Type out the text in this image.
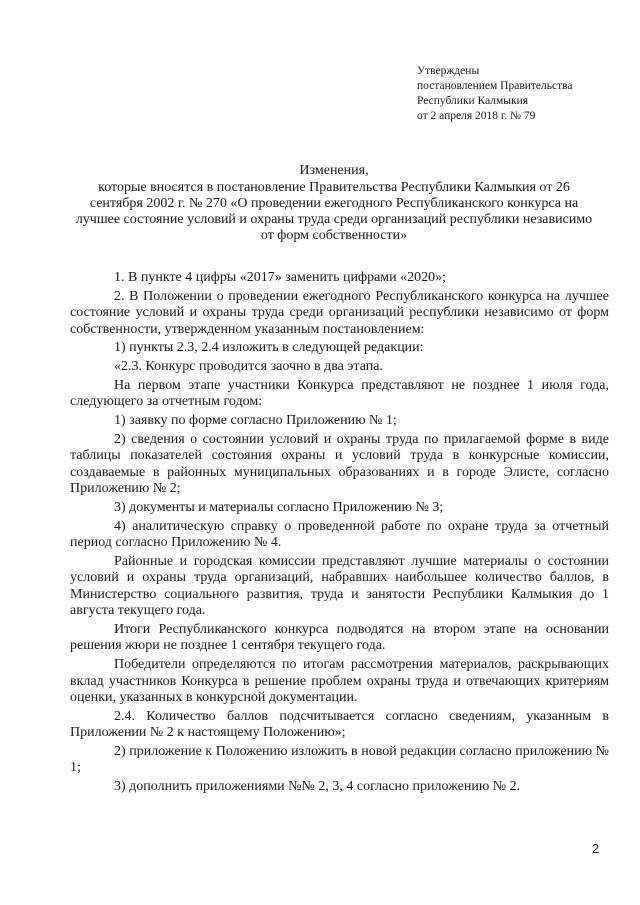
Утверждены
постановлением Правительства
Республики Калмыкия
от 2 апреля 2018 г. № 79
Изменения,
которые вносятся в постановление Правительства Республики Калмыкия от 26 сентября 2002 г. № 270 «О проведении ежегодного Республиканского конкурса на лучшее состояние условий и охраны труда среди организаций республики независимо от форм собственности»

1. В пункте 4 цифры «2017» заменить цифрами «2020»;

2. В Положении о проведении ежегодного Республиканского конкурса на лучшее состояние условий и охраны труда среди организаций республики независимо от форм собственности, утвержденном указанным постановлением:

1) пункты 2.3, 2.4 изложить в следующей редакции:

«2.3. Конкурс проводится заочно в два этапа.

На первом этапе участники Конкурса представляют не позднее 1 июля года, следующего за отчетным годом:

1) заявку по форме согласно Приложению № 1;

2) сведения о состоянии условий и охраны труда по прилагаемой форме в виде таблицы показателей состояния охраны и условий труда в конкурсные комиссии, создаваемые в районных муниципальных образованиях и в городе Элисте, согласно Приложению № 2;

3) документы и материалы согласно Приложению № 3;

4) аналитическую справку о проведенной работе по охране труда за отчетный период согласно Приложению № 4.

Районные и городская комиссии представляют лучшие материалы о состоянии условий и охраны труда организаций, набравших наибольшее количество баллов, в Министерство социального развития, труда и занятости Республики Калмыкия до 1 августа текущего года.

Итоги Республиканского конкурса подводятся на втором этапе на основании решения жюри не позднее 1 сентября текущего года.

Победители определяются по итогам рассмотрения материалов, раскрывающих вклад участников Конкурса в решение проблем охраны труда и отвечающих критериям оценки, указанных в конкурсной документации.

2.4. Количество баллов подсчитывается согласно сведениям, указанным в Приложении № 2 к настоящему Положению»;

2) приложение к Положению изложить в новой редакции согласно приложению № 1;

3) дополнить приложениями №№ 2, 3, 4 согласно приложению № 2.

2
